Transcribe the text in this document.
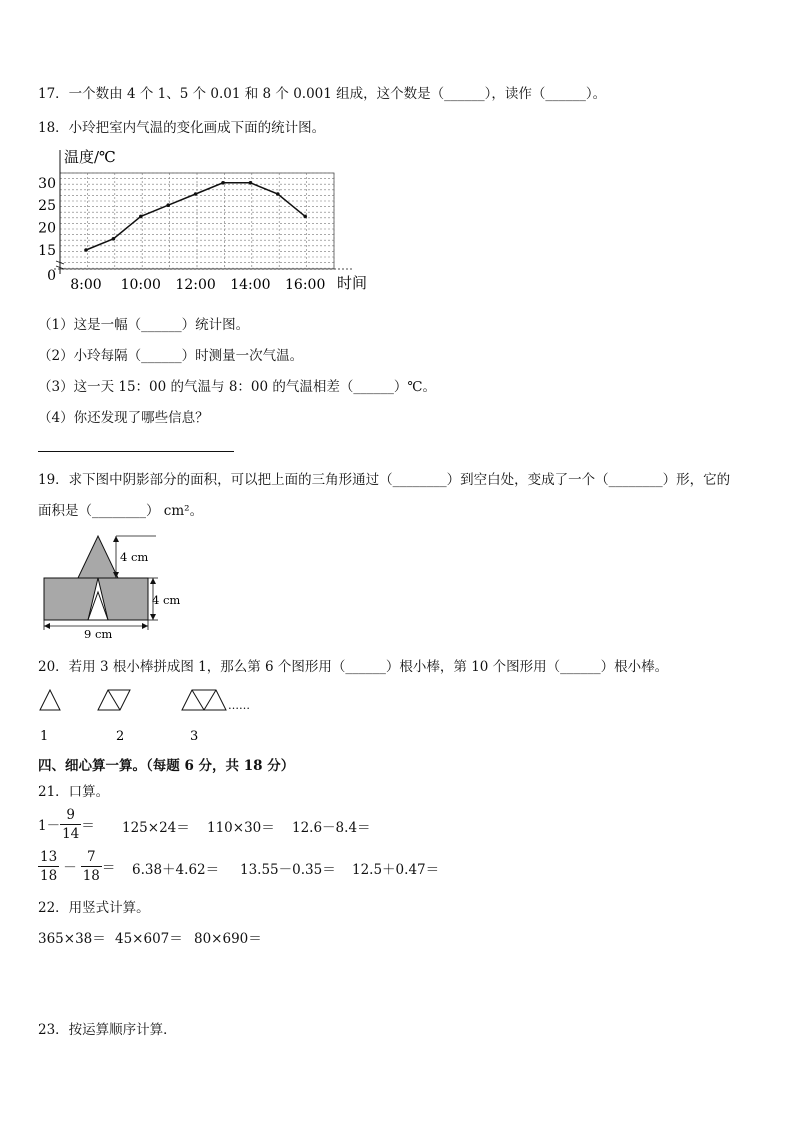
17．一个数由 4 个 1、5 个 0.01 和 8 个 0.001 组成，这个数是（______），读作（______）。
18．小玲把室内气温的变化画成下面的统计图。
温度/℃
时间
30
25
20
15
0
8:00 10:00 12:00 14:00 16:00
（1）这是一幅（______）统计图。
（2）小玲每隔（______）时测量一次气温。
（3）这一天 15：00 的气温与 8：00 的气温相差（______）℃。
（4）你还发现了哪些信息？
19．求下图中阴影部分的面积，可以把上面的三角形通过（________）到空白处，变成了一个（________）形，它的
面积是（________） cm²。
4 cm
4 cm
9 cm
20．若用 3 根小棒拼成图 1，那么第 6 个图形用（______）根小棒，第 10 个图形用（______）根小棒。
……
1	2	3
四、细心算一算。（每题 6 分，共 18 分）
21．口算。
$1- \frac{9}{14} = 125\times 24= 110\times 30= 12.6-8.4=$
$\frac{13}{18} - \frac{7}{18} = 6.38+4.62= 13.55-0.35= 12.5+0.47=$
22．用竖式计算。
365×38＝ 45×607＝ 80×690＝
23．按运算顺序计算．
